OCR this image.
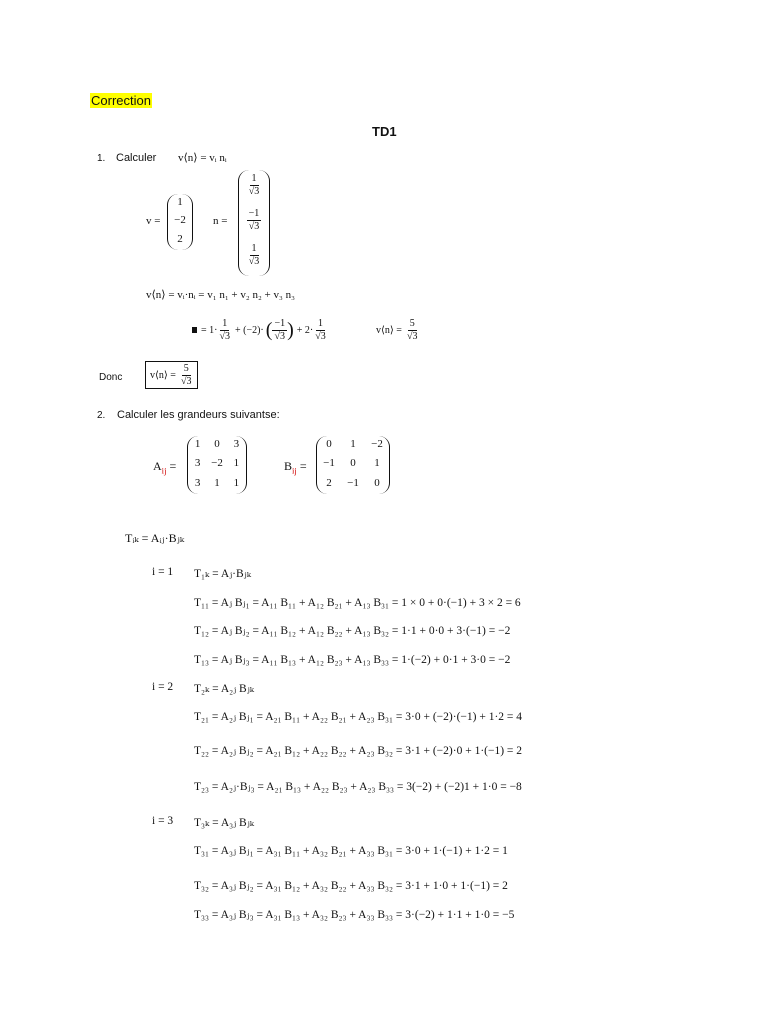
Correction
TD1
1. Calculer v⟨n⟩ = vᵢ nᵢ
v =
1
−2
2
n =
$\frac{1}{√3}$
$\frac{-1}{√3}$
$\frac{1}{√3}$
v⟨n⟩ = vᵢ·nᵢ = v₁ n₁ + v₂ n₂ + v₃ n₃
= $1\cdot \frac{1}{√3} + (-2)\cdot$ ( $\frac{-1}{√3}$ ) + $2\cdot \frac{1}{√3}$	v⟨n⟩ = $\frac{5}{√3}$
Donc	v⟨n⟩ = $\frac{5}{√3}$
2. Calculer les grandeurs suivantse:
$A_{ij}$ =
1	0	3
3 −2 1
3	1	1
$B_{ij}$ =
0	1	−2
−1	0	1
2	−1	0
Tᵢₖ = Aᵢⱼ·Bⱼₖ
i = 1 T₁ₖ = Aⱼ·Bⱼₖ
T₁₁ = Aⱼ Bⱼ₁ = A₁₁ B₁₁ + A₁₂ B₂₁ + A₁₃ B₃₁ = 1 × 0 + 0·(−1) + 3 × 2 = 6
T₁₂ = Aⱼ Bⱼ₂ = A₁₁ B₁₂ + A₁₂ B₂₂ + A₁₃ B₃₂ = 1·1 + 0·0 + 3·(−1) = −2
T₁₃ = Aⱼ Bⱼ₃ = A₁₁ B₁₃ + A₁₂ B₂₃ + A₁₃ B₃₃ = 1·(−2) + 0·1 + 3·0 = −2
i = 2 T₂ₖ = A₂ⱼ Bⱼₖ
T₂₁ = A₂ⱼ Bⱼ₁ = A₂₁ B₁₁ + A₂₂ B₂₁ + A₂₃ B₃₁ = 3·0 + (−2)·(−1) + 1·2 = 4
T₂₂ = A₂ⱼ Bⱼ₂ = A₂₁ B₁₂ + A₂₂ B₂₂ + A₂₃ B₃₂ = 3·1 + (−2)·0 + 1·(−1) = 2
T₂₃ = A₂ⱼ·Bⱼ₃ = A₂₁ B₁₃ + A₂₂ B₂₃ + A₂₃ B₃₃ = 3(−2) + (−2)1 + 1·0 = −8
i = 3 T₃ₖ = A₃ⱼ Bⱼₖ
T₃₁ = A₃ⱼ Bⱼ₁ = A₃₁ B₁₁ + A₃₂ B₂₁ + A₃₃ B₃₁ = 3·0 + 1·(−1) + 1·2 = 1
T₃₂ = A₃ⱼ Bⱼ₂ = A₃₁ B₁₂ + A₃₂ B₂₂ + A₃₃ B₃₂ = 3·1 + 1·0 + 1·(−1) = 2
T₃₃ = A₃ⱼ Bⱼ₃ = A₃₁ B₁₃ + A₃₂ B₂₃ + A₃₃ B₃₃ = 3·(−2) + 1·1 + 1·0 = −5
